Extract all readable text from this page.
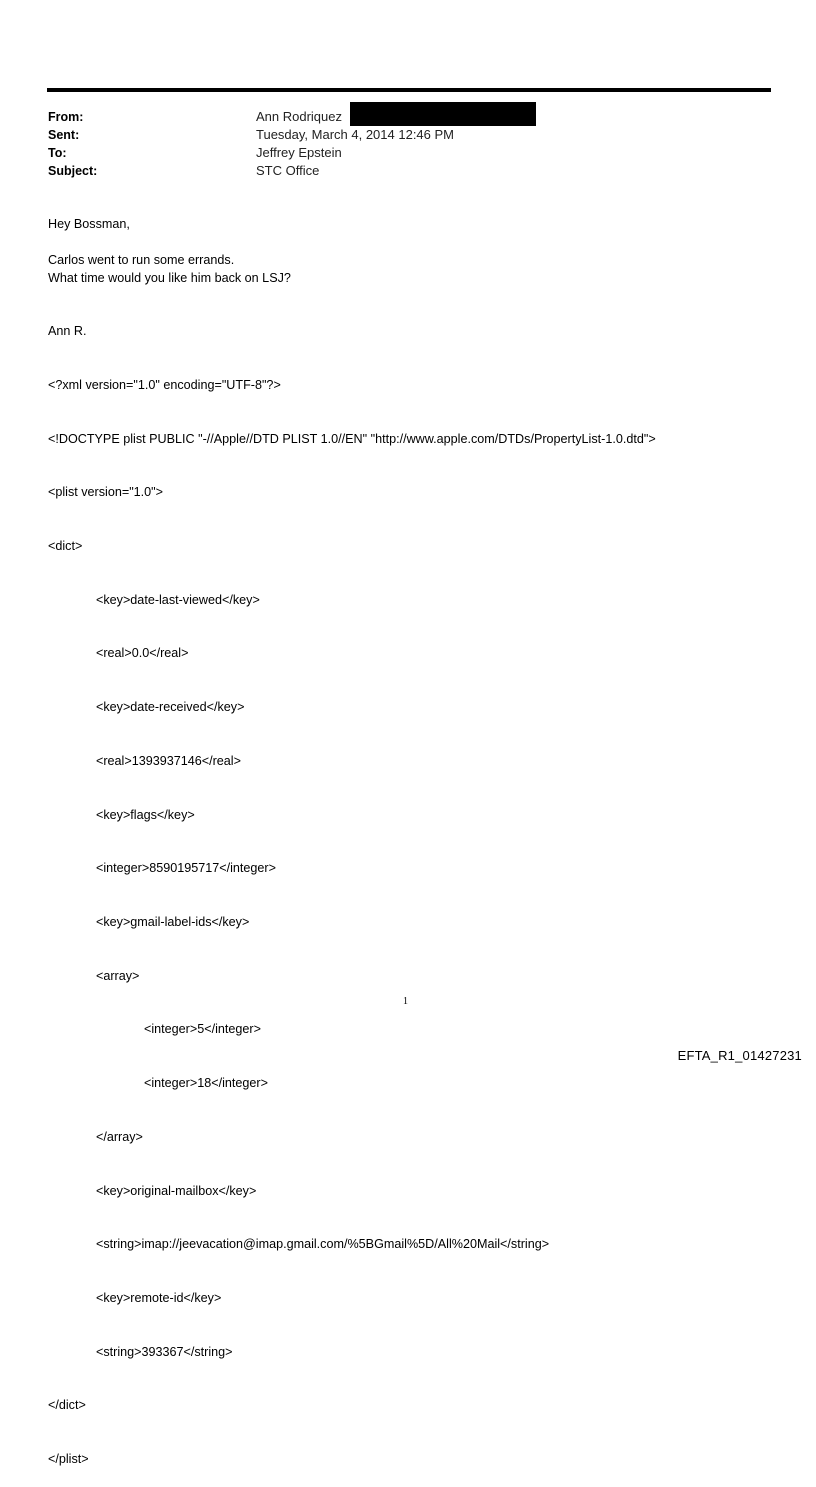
From:	Ann Rodriquez
Sent:	Tuesday, March 4, 2014 12:46 PM
To:	Jeffrey Epstein
Subject:	STC Office
Hey Bossman,
Carlos went to run some errands.
What time would you like him back on LSJ?
Ann R.

<?xml version="1.0" encoding="UTF-8"?>

<!DOCTYPE plist PUBLIC "-//Apple//DTD PLIST 1.0//EN" "http://www.apple.com/DTDs/PropertyList-1.0.dtd">

<plist version="1.0">

<dict>

<key>date-last-viewed</key>

<real>0.0</real>

<key>date-received</key>

<real>1393937146</real>

<key>flags</key>

<integer>8590195717</integer>

<key>gmail-label-ids</key>

<array>

<integer>5</integer>

<integer>18</integer>

</array>

<key>original-mailbox</key>

<string>imap://jeevacation@imap.gmail.com/%5BGmail%5D/All%20Mail</string>

<key>remote-id</key>

<string>393367</string>

</dict>

</plist>

1
EFTA_R1_01427231
